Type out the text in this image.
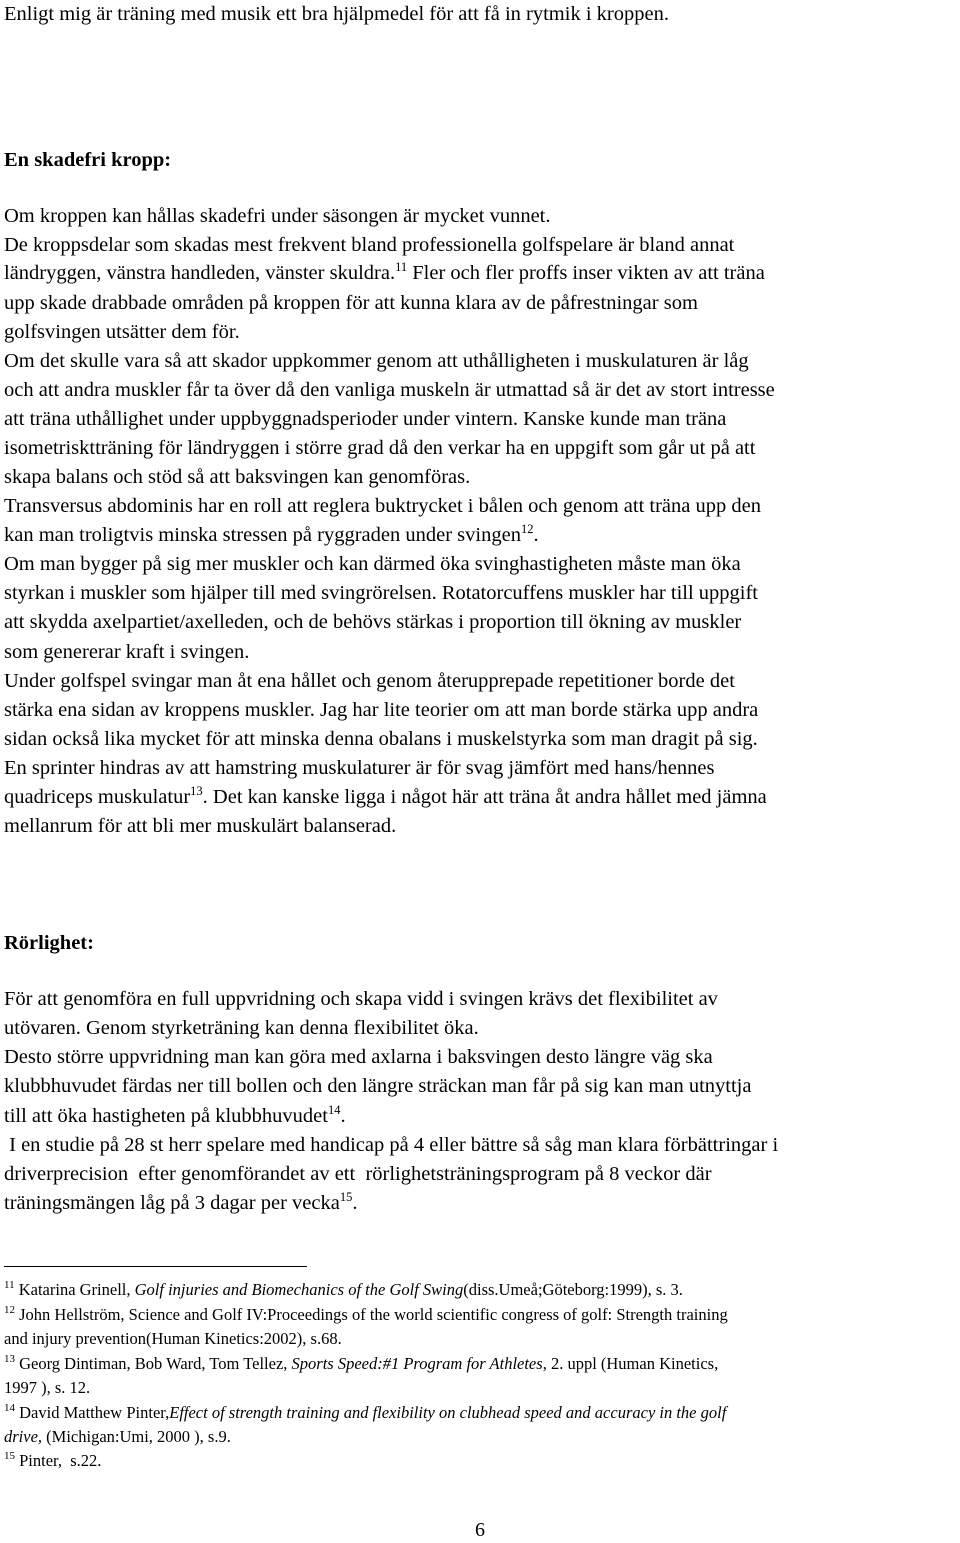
Enligt mig är träning med musik ett bra hjälpmedel för att få in rytmik i kroppen.
En skadefri kropp:
Om kroppen kan hållas skadefri under säsongen är mycket vunnet.
De kroppsdelar som skadas mest frekvent bland professionella golfspelare är bland annat
ländryggen, vänstra handleden, vänster skuldra.$^{11}$ Fler och fler proffs inser vikten av att träna
upp skade drabbade områden på kroppen för att kunna klara av de påfrestningar som
golfsvingen utsätter dem för.
Om det skulle vara så att skador uppkommer genom att uthålligheten i muskulaturen är låg
och att andra muskler får ta över då den vanliga muskeln är utmattad så är det av stort intresse
att träna uthållighet under uppbyggnadsperioder under vintern. Kanske kunde man träna
isometrisktträning för ländryggen i större grad då den verkar ha en uppgift som går ut på att
skapa balans och stöd så att baksvingen kan genomföras.
Transversus abdominis har en roll att reglera buktrycket i bålen och genom att träna upp den
kan man troligtvis minska stressen på ryggraden under svingen$^{12}$.
Om man bygger på sig mer muskler och kan därmed öka svinghastigheten måste man öka
styrkan i muskler som hjälper till med svingrörelsen. Rotatorcuffens muskler har till uppgift
att skydda axelpartiet/axelleden, och de behövs stärkas i proportion till ökning av muskler
som genererar kraft i svingen.
Under golfspel svingar man åt ena hållet och genom återupprepade repetitioner borde det
stärka ena sidan av kroppens muskler. Jag har lite teorier om att man borde stärka upp andra
sidan också lika mycket för att minska denna obalans i muskelstyrka som man dragit på sig.
En sprinter hindras av att hamstring muskulaturer är för svag jämfört med hans/hennes
quadriceps muskulatur$^{13}$. Det kan kanske ligga i något här att träna åt andra hållet med jämna
mellanrum för att bli mer muskulärt balanserad.
Rörlighet:
För att genomföra en full uppvridning och skapa vidd i svingen krävs det flexibilitet av
utövaren. Genom styrketräning kan denna flexibilitet öka.
Desto större uppvridning man kan göra med axlarna i baksvingen desto längre väg ska
klubbhuvudet färdas ner till bollen och den längre sträckan man får på sig kan man utnyttja
till att öka hastigheten på klubbhuvudet$^{14}$.
I en studie på 28 st herr spelare med handicap på 4 eller bättre så såg man klara förbättringar i
driverprecision  efter genomförandet av ett  rörlighetsträningsprogram på 8 veckor där
träningsmängen låg på 3 dagar per vecka$^{15}$.
$^{11}$ Katarina Grinell, Golf injuries and Biomechanics of the Golf Swing(diss.Umeå;Göteborg:1999), s. 3.
$^{12}$ John Hellström, Science and Golf IV:Proceedings of the world scientific congress of golf: Strength training
and injury prevention(Human Kinetics:2002), s.68.
$^{13}$ Georg Dintiman, Bob Ward, Tom Tellez, Sports Speed:#1 Program for Athletes, 2. uppl (Human Kinetics,
1997 ), s. 12.
$^{14}$ David Matthew Pinter,Effect of strength training and flexibility on clubhead speed and accuracy in the golf
drive, (Michigan:Umi, 2000 ), s.9.
$^{15}$ Pinter,  s.22.
6
